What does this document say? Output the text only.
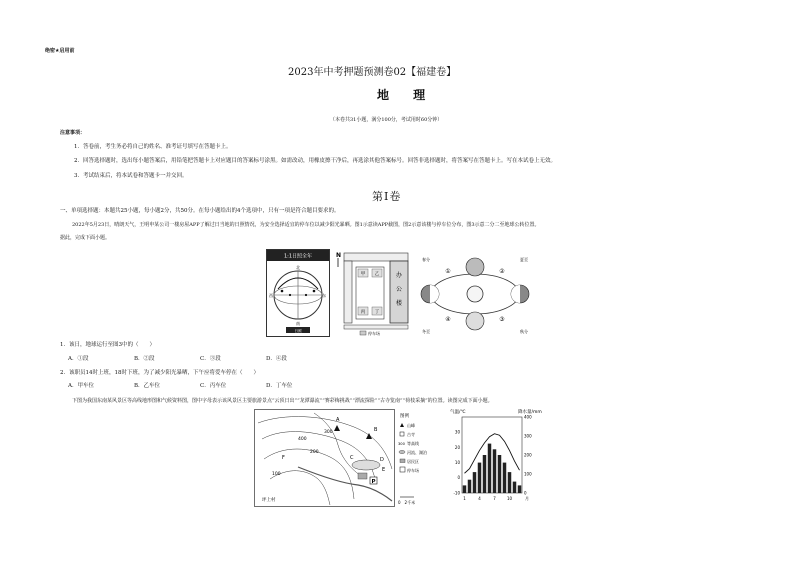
绝密★启用前
2023年中考押题预测卷02【福建卷】
地 理
（本卷共31小题，满分100分，考试用时60分钟）
注意事项：
1．答卷前，考生务必将自己的姓名、准考证号填写在答题卡上。
2．回答选择题时，选出每小题答案后，用铅笔把答题卡上对应题目的答案标号涂黑。如需改动，用橡皮擦干净后，再选涂其他答案标号。回答非选择题时，将答案写在答题卡上。写在本试卷上无效。
3．考试结束后，将本试卷和答题卡一并交回。
第Ⅰ卷
一、单项选择题：本题共25小题，每小题2分，共50分。在每小题给出的4个选项中，只有一项是符合题目要求的。
2022年5月23日，晴朗天气，王明申某公司一楼房屋APP了解过日当地的日照情况，为安全选择适宜的停车位以减少阳光暴晒。图1示意读APP截图，图2示意该楼与停车位分布，图3示意二分二至地球公转位置。
据此，完成下面小题。
1:1日照全年
北
东
南
西
日照
N
办
公
楼
甲 乙
丙 丁
停车场
①	②
③
④
春分	夏至
秋分
冬至
1．该日，地球运行至图3中的（　　）
A．①段	B．②段	C．③段	D．④段
2．该职员14时上班，18时下班，为了减少阳光暴晒，下午应将爱车停在（　　）
A．甲车位	B．乙车位	C．丙车位	D．丁车位
下图为我国东南某风景区等高线地形图和气候资料图，图中字母表示该风景区主要旅游景点“云顶日出”“龙潭瀑流”“赛彩梅挑战”“漂流探险”“古寺览南”“荷枝采摘”的位置。读图完成下面小题。
P
400
300
200
100
A
B
C	D
E
F
坪上村
图例
山峰
古寺
300 等高线
河流、湖泊
居民区
停车场
0　2千米
气温/℃	降水量/mm
30
20
10
0
-10
400
300
200
100
0
1	4	7	10	月
